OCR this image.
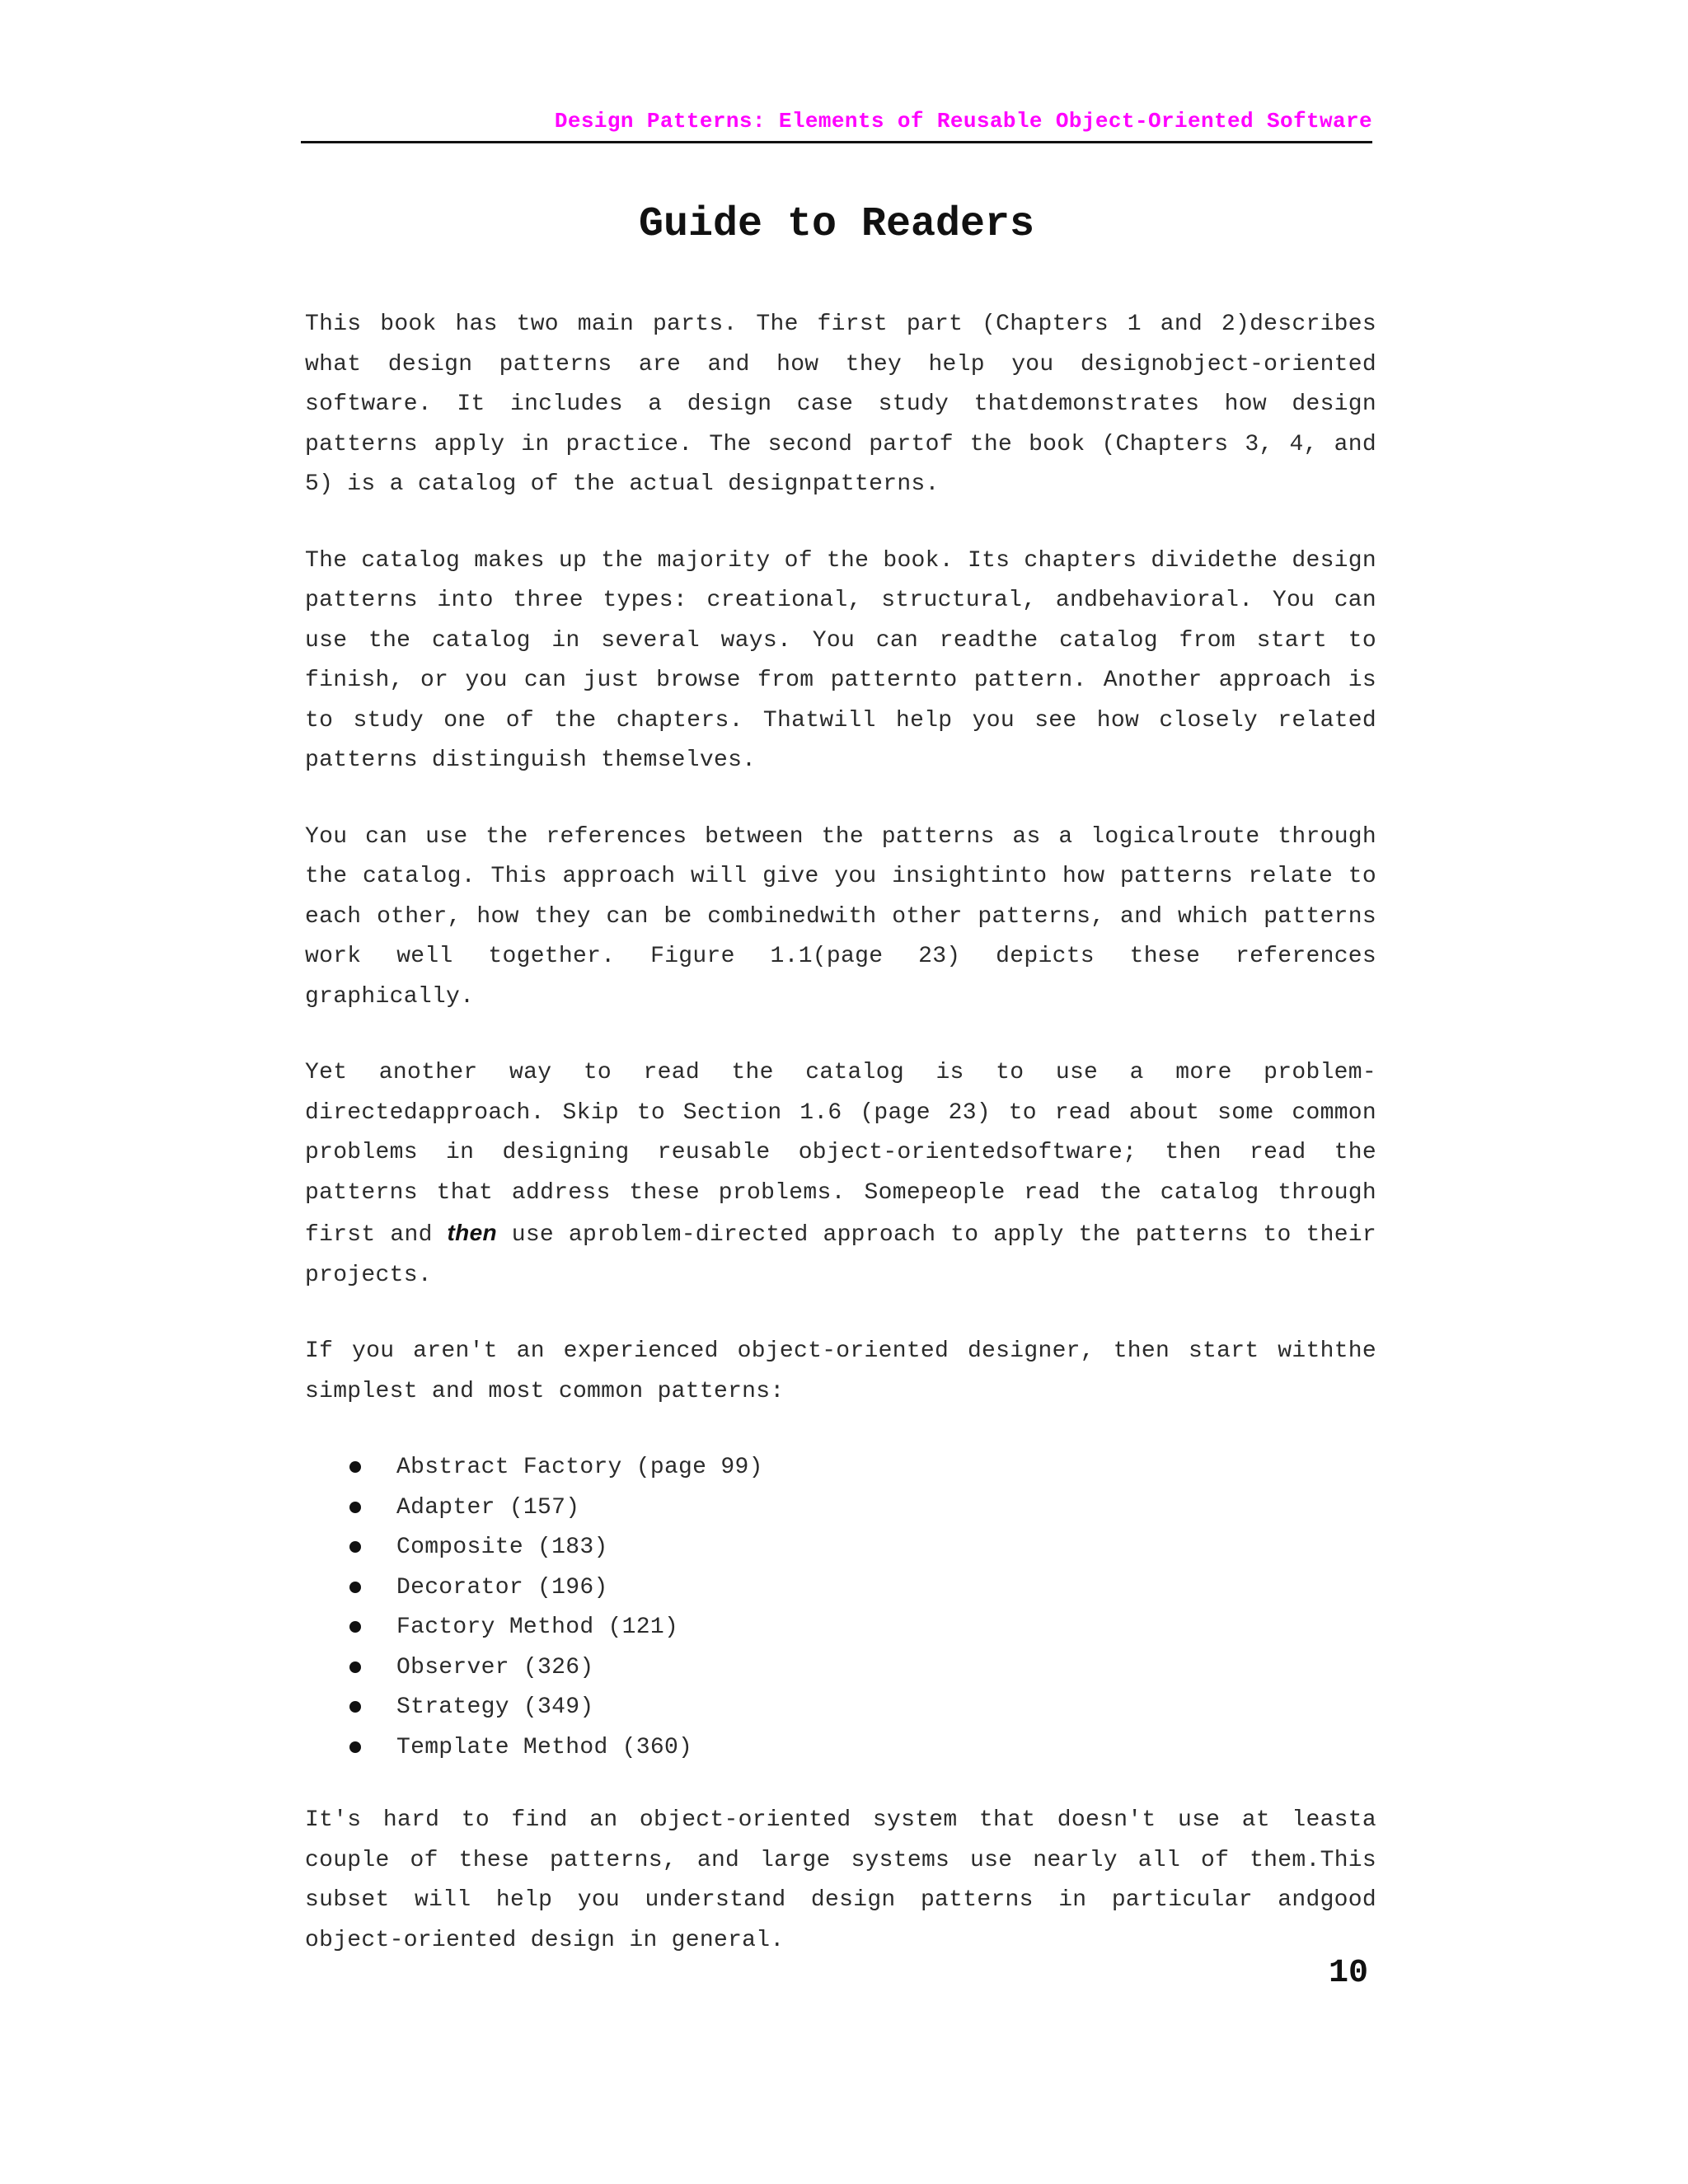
Design Patterns: Elements of Reusable Object-Oriented Software
Guide to Readers

This book has two main parts. The first part (Chapters 1 and 2)describes what design patterns are and how they help you designobject-oriented software. It includes a design case study thatdemonstrates how design patterns apply in practice. The second partof the book (Chapters 3, 4, and 5) is a catalog of the actual designpatterns.

The catalog makes up the majority of the book. Its chapters dividethe design patterns into three types: creational, structural, andbehavioral. You can use the catalog in several ways. You can readthe catalog from start to finish, or you can just browse from patternto pattern. Another approach is to study one of the chapters. Thatwill help you see how closely related patterns distinguish themselves.

You can use the references between the patterns as a logicalroute through the catalog. This approach will give you insightinto how patterns relate to each other, how they can be combinedwith other patterns, and which patterns work well together. Figure 1.1(page 23) depicts these references graphically.

Yet another way to read the catalog is to use a more problem-directedapproach. Skip to Section 1.6 (page 23) to read about some common problems in designing reusable object-orientedsoftware; then read the patterns that address these problems. Somepeople read the catalog through first and then use aproblem-directed approach to apply the patterns to their projects.

If you aren't an experienced object-oriented designer, then start withthe simplest and most common patterns:

Abstract Factory (page 99)
Adapter (157)
Composite (183)
Decorator (196)
Factory Method (121)
Observer (326)
Strategy (349)
Template Method (360)

It's hard to find an object-oriented system that doesn't use at leasta couple of these patterns, and large systems use nearly all of them.This subset will help you understand design patterns in particular andgood object-oriented design in general.

10
